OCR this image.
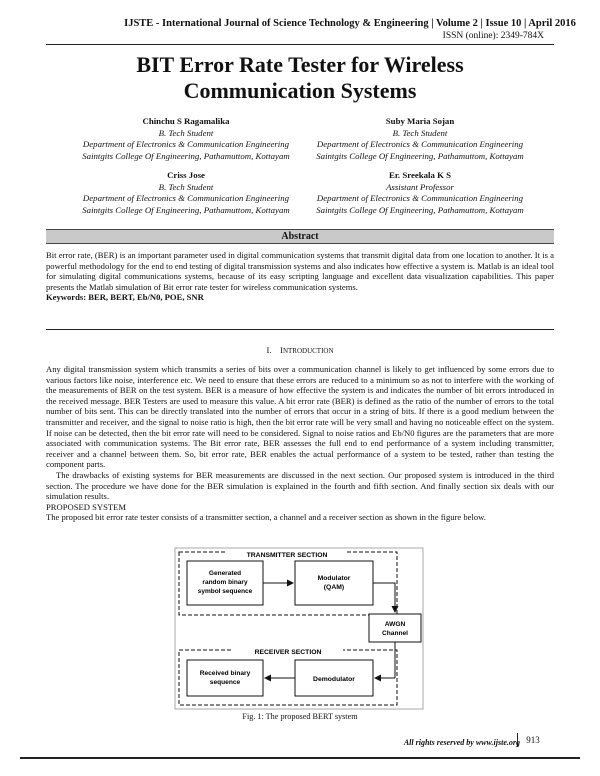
IJSTE - International Journal of Science Technology & Engineering | Volume 2 | Issue 10 | April 2016
ISSN (online): 2349-784X
BIT Error Rate Tester for Wireless
Communication Systems
Chinchu S Ragamalika
B. Tech Student
Department of Electronics & Communication Engineering
Saintgits College Of Engineering, Pathamuttom, Kottayam
Suby Maria Sojan
B. Tech Student
Department of Electronics & Communication Engineering
Saintgits College Of Engineering, Pathamuttom, Kottayam
Criss Jose
B. Tech Student
Department of Electronics & Communication Engineering
Saintgits College Of Engineering, Pathamuttom, Kottayam
Er. Sreekala K S
Assistant Professor
Department of Electronics & Communication Engineering
Saintgits College Of Engineering, Pathamuttom, Kottayam
Abstract
Bit error rate, (BER) is an important parameter used in digital communication systems that transmit digital data from one location to another. It is a powerful methodology for the end to end testing of digital transmission systems and also indicates how effective a system is. Matlab is an ideal tool for simulating digital communications systems, because of its easy scripting language and excellent data visualization capabilities. This paper presents the Matlab simulation of Bit error rate tester for wireless communication systems.
Keywords: BER, BERT, Eb/N0, POE, SNR
I. INTRODUCTION
Any digital transmission system which transmits a series of bits over a communication channel is likely to get influenced by some errors due to various factors like noise, interference etc. We need to ensure that these errors are reduced to a minimum so as not to interfere with the working of the measurements of BER on the test system. BER is a measure of how effective the system is and indicates the number of bit errors introduced in the received message. BER Testers are used to measure this value. A bit error rate (BER) is defined as the ratio of the number of errors to the total number of bits sent. This can be directly translated into the number of errors that occur in a string of bits. If there is a good medium between the transmitter and receiver, and the signal to noise ratio is high, then the bit error rate will be very small and having no noticeable effect on the system. If noise can be detected, then the bit error rate will need to be considered. Signal to noise ratios and Eb/N0 figures are the parameters that are more associated with communication systems. The Bit error rate, BER assesses the full end to end performance of a system including transmitter, receiver and a channel between them. So, bit error rate, BER enables the actual performance of a system to be tested, rather than testing the component parts.
The drawbacks of existing systems for BER measurements are discussed in the next section. Our proposed system is introduced in the third section. The procedure we have done for the BER simulation is explained in the fourth and fifth section. And finally section six deals with our simulation results.
PROPOSED SYSTEM
The proposed bit error rate tester consists of a transmitter section, a channel and a receiver section as shown in the figure below.
TRANSMITTER SECTION
Generated
random binary
symbol sequence
Modulator
(QAM)
AWGN
Channel
RECEIVER SECTION
Demodulator
Received binary
sequence
Fig. 1: The proposed BERT system
All rights reserved by www.ijste.org 913
